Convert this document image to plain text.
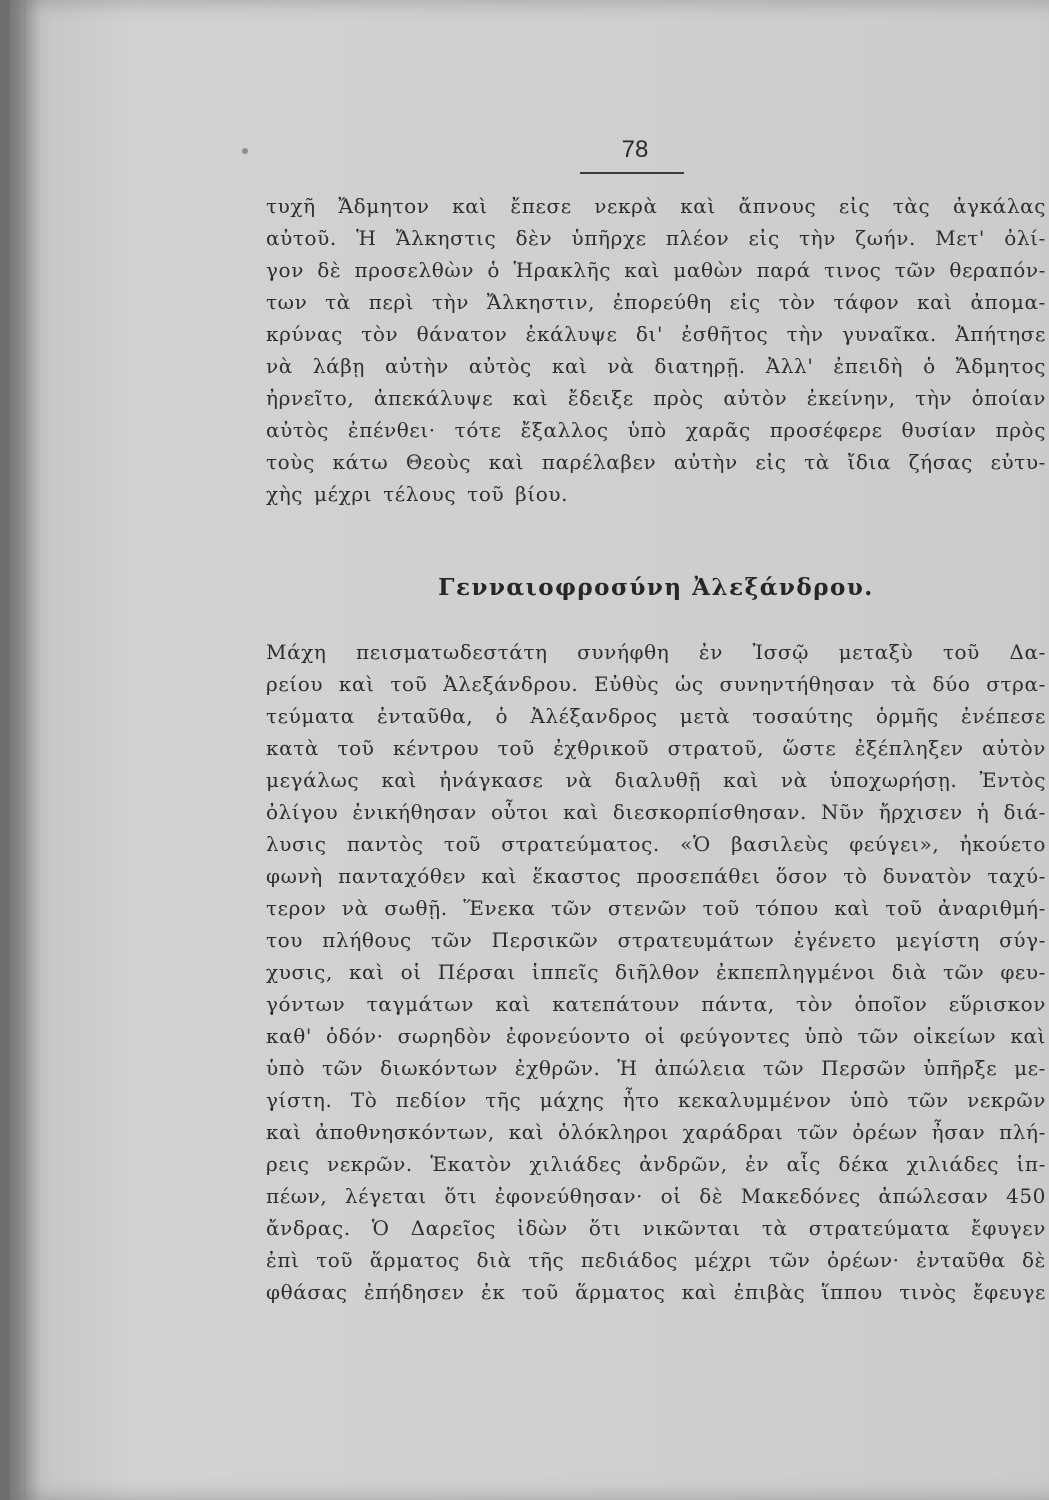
78
τυχῆ Ἄδμητον καὶ ἔπεσε νεκρὰ καὶ ἄπνους εἰς τὰς ἀγκάλας
αὐτοῦ. Ἡ Ἄλκηστις δὲν ὑπῆρχε πλέον εἰς τὴν ζωήν. Μετ' ὀλί-
γον δὲ προσελθὼν ὁ Ἡρακλῆς καὶ μαθὼν παρά τινος τῶν θεραπόν-
των τὰ περὶ τὴν Ἄλκηστιν, ἐπορεύθη εἰς τὸν τάφον καὶ ἀπομα-
κρύνας τὸν θάνατον ἐκάλυψε δι' ἐσθῆτος τὴν γυναῖκα. Ἀπήτησε
νὰ λάβῃ αὐτὴν αὐτὸς καὶ νὰ διατηρῇ. Ἀλλ' ἐπειδὴ ὁ Ἄδμητος
ἠρνεῖτο, ἀπεκάλυψε καὶ ἔδειξε πρὸς αὐτὸν ἐκείνην, τὴν ὁποίαν
αὐτὸς ἐπένθει· τότε ἔξαλλος ὑπὸ χαρᾶς προσέφερε θυσίαν πρὸς
τοὺς κάτω Θεοὺς καὶ παρέλαβεν αὐτὴν εἰς τὰ ἴδια ζήσας εὐτυ-
χὴς μέχρι τέλους τοῦ βίου.
Γενναιοφροσύνη Ἀλεξάνδρου.
Μάχη πεισματωδεστάτη συνήφθη ἐν Ἰσσῷ μεταξὺ τοῦ Δα-
ρείου καὶ τοῦ Ἀλεξάνδρου. Εὐθὺς ὡς συνηντήθησαν τὰ δύο στρα-
τεύματα ἐνταῦθα, ὁ Ἀλέξανδρος μετὰ τοσαύτης ὁρμῆς ἐνέπεσε
κατὰ τοῦ κέντρου τοῦ ἐχθρικοῦ στρατοῦ, ὥστε ἐξέπληξεν αὐτὸν
μεγάλως καὶ ἠνάγκασε νὰ διαλυθῇ καὶ νὰ ὑποχωρήσῃ. Ἐντὸς
ὀλίγου ἐνικήθησαν οὗτοι καὶ διεσκορπίσθησαν. Νῦν ἤρχισεν ἡ διά-
λυσις παντὸς τοῦ στρατεύματος. «Ὁ βασιλεὺς φεύγει», ἠκούετο
φωνὴ πανταχόθεν καὶ ἕκαστος προσεπάθει ὅσον τὸ δυνατὸν ταχύ-
τερον νὰ σωθῇ. Ἕνεκα τῶν στενῶν τοῦ τόπου καὶ τοῦ ἀναριθμή-
του πλήθους τῶν Περσικῶν στρατευμάτων ἐγένετο μεγίστη σύγ-
χυσις, καὶ οἱ Πέρσαι ἱππεῖς διῆλθον ἐκπεπληγμένοι διὰ τῶν φευ-
γόντων ταγμάτων καὶ κατεπάτουν πάντα, τὸν ὁποῖον εὕρισκον
καθ' ὁδόν· σωρηδὸν ἐφονεύοντο οἱ φεύγοντες ὑπὸ τῶν οἰκείων καὶ
ὑπὸ τῶν διωκόντων ἐχθρῶν. Ἡ ἀπώλεια τῶν Περσῶν ὑπῆρξε με-
γίστη. Τὸ πεδίον τῆς μάχης ἦτο κεκαλυμμένον ὑπὸ τῶν νεκρῶν
καὶ ἀποθνησκόντων, καὶ ὁλόκληροι χαράδραι τῶν ὀρέων ἦσαν πλή-
ρεις νεκρῶν. Ἑκατὸν χιλιάδες ἀνδρῶν, ἐν αἷς δέκα χιλιάδες ἱπ-
πέων, λέγεται ὅτι ἐφονεύθησαν· οἱ δὲ Μακεδόνες ἀπώλεσαν 450
ἄνδρας. Ὁ Δαρεῖος ἰδὼν ὅτι νικῶνται τὰ στρατεύματα ἔφυγεν
ἐπὶ τοῦ ἅρματος διὰ τῆς πεδιάδος μέχρι τῶν ὀρέων· ἐνταῦθα δὲ
φθάσας ἐπήδησεν ἐκ τοῦ ἅρματος καὶ ἐπιβὰς ἵππου τινὸς ἔφευγε
